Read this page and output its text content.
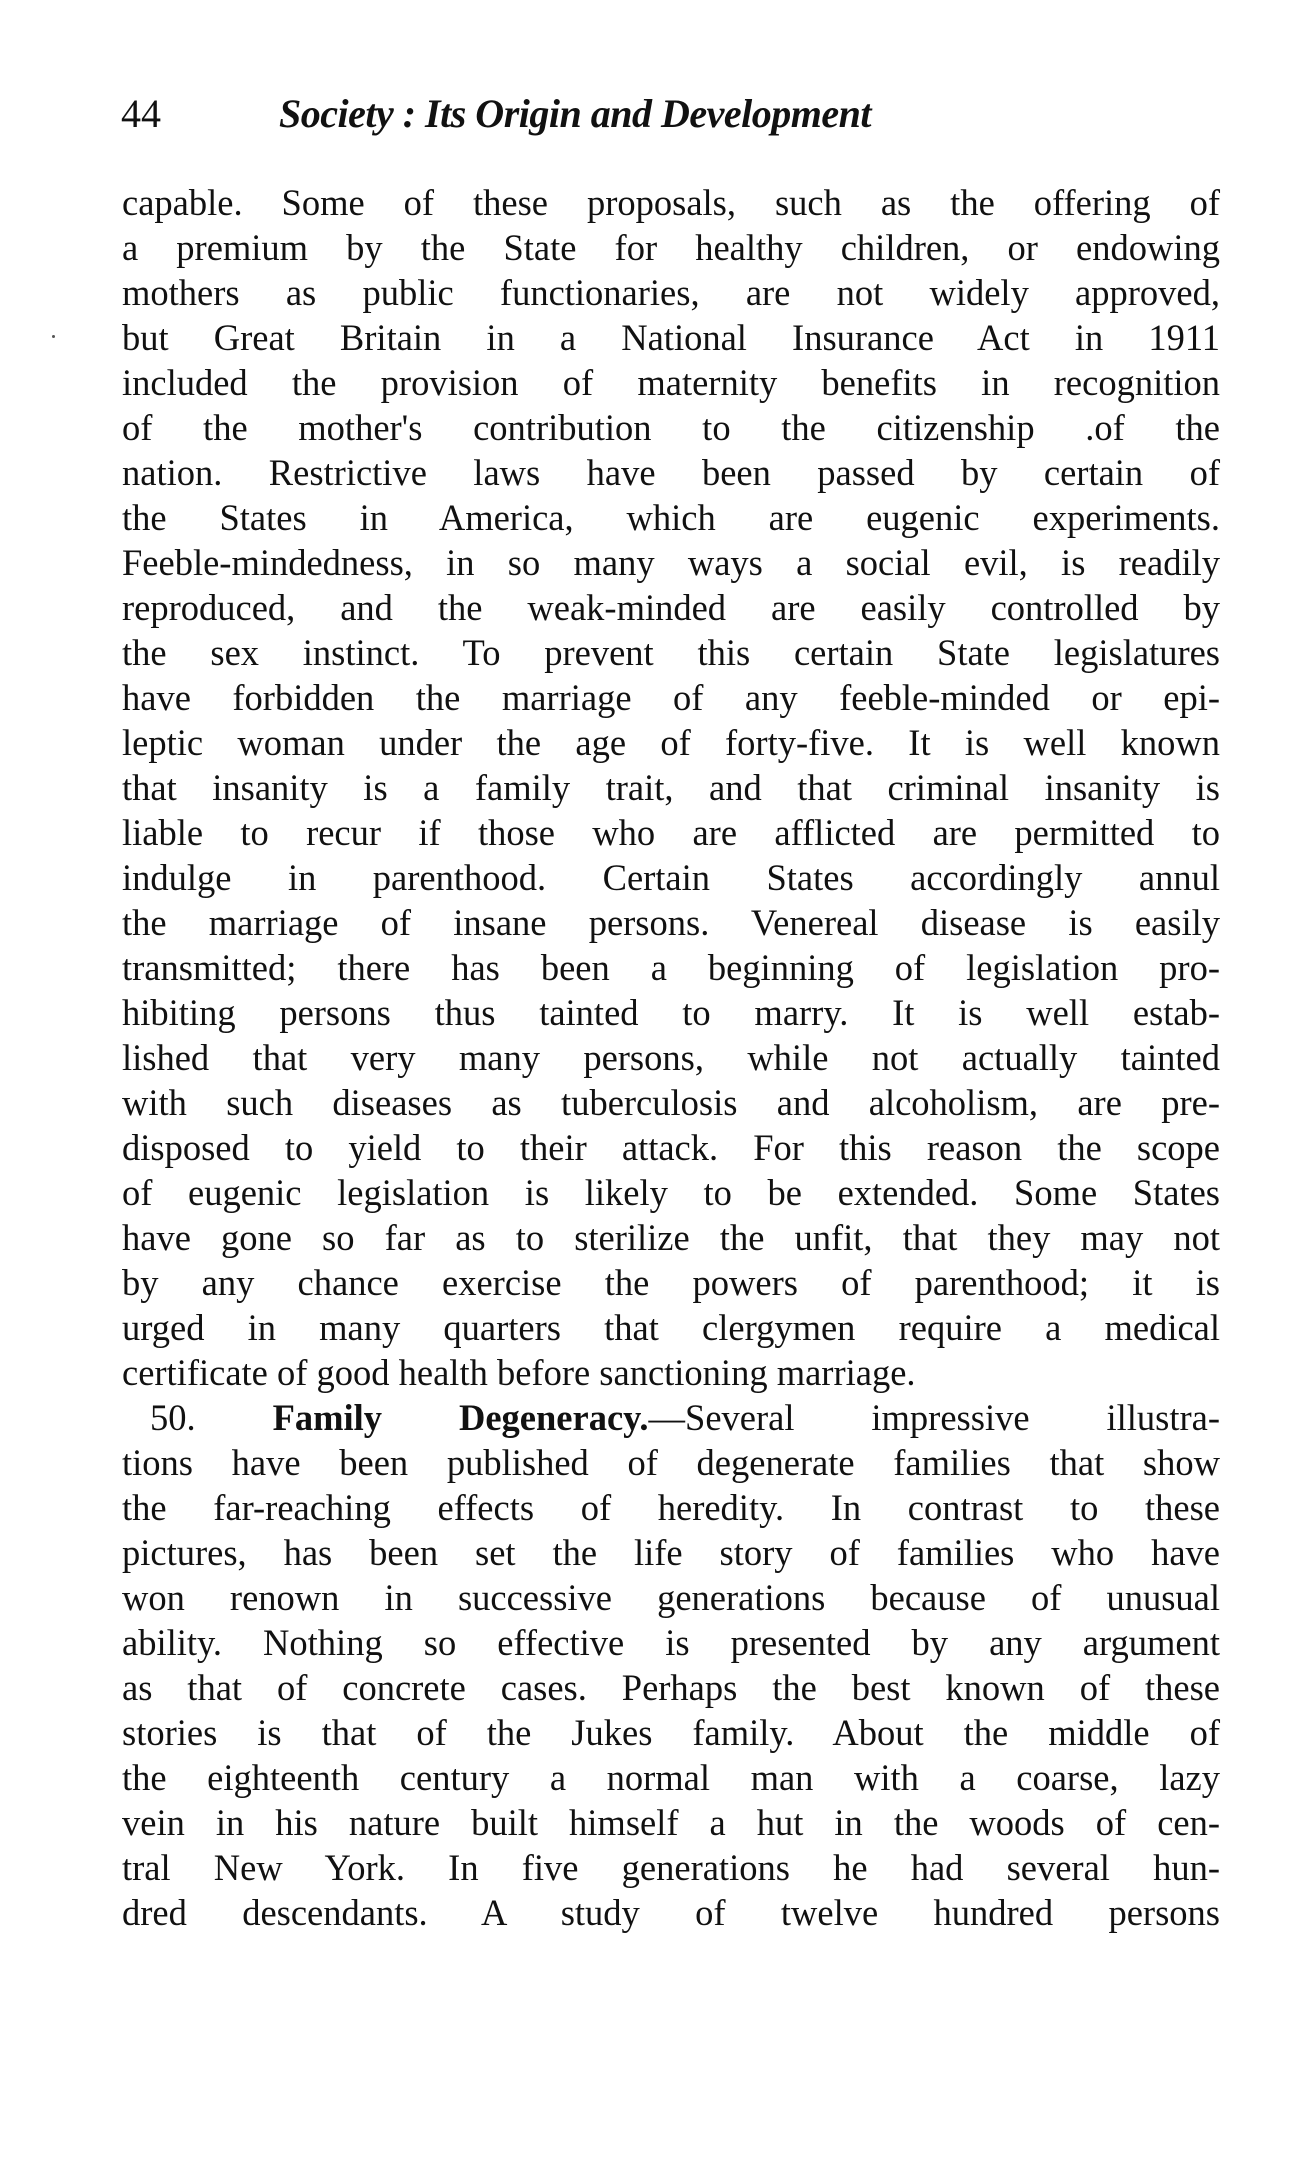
44	Society : Its Origin and Development
capable. Some of these proposals, such as the offering of
a premium by the State for healthy children, or endowing
mothers as public functionaries, are not widely approved,
but Great Britain in a National Insurance Act in 1911
included the provision of maternity benefits in recognition
of the mother's contribution to the citizenship .of the
nation. Restrictive laws have been passed by certain of
the States in America, which are eugenic experiments.
Feeble-mindedness, in so many ways a social evil, is readily
reproduced, and the weak-minded are easily controlled by
the sex instinct. To prevent this certain State legislatures
have forbidden the marriage of any feeble-minded or epi-
leptic woman under the age of forty-five. It is well known
that insanity is a family trait, and that criminal insanity is
liable to recur if those who are afflicted are permitted to
indulge in parenthood. Certain States accordingly annul
the marriage of insane persons. Venereal disease is easily
transmitted; there has been a beginning of legislation pro-
hibiting persons thus tainted to marry. It is well estab-
lished that very many persons, while not actually tainted
with such diseases as tuberculosis and alcoholism, are pre-
disposed to yield to their attack. For this reason the scope
of eugenic legislation is likely to be extended. Some States
have gone so far as to sterilize the unfit, that they may not
by any chance exercise the powers of parenthood; it is
urged in many quarters that clergymen require a medical
certificate of good health before sanctioning marriage.
50. Family Degeneracy.—Several impressive illustra-
tions have been published of degenerate families that show
the far-reaching effects of heredity. In contrast to these
pictures, has been set the life story of families who have
won renown in successive generations because of unusual
ability. Nothing so effective is presented by any argument
as that of concrete cases. Perhaps the best known of these
stories is that of the Jukes family. About the middle of
the eighteenth century a normal man with a coarse, lazy
vein in his nature built himself a hut in the woods of cen-
tral New York. In five generations he had several hun-
dred descendants. A study of twelve hundred persons
